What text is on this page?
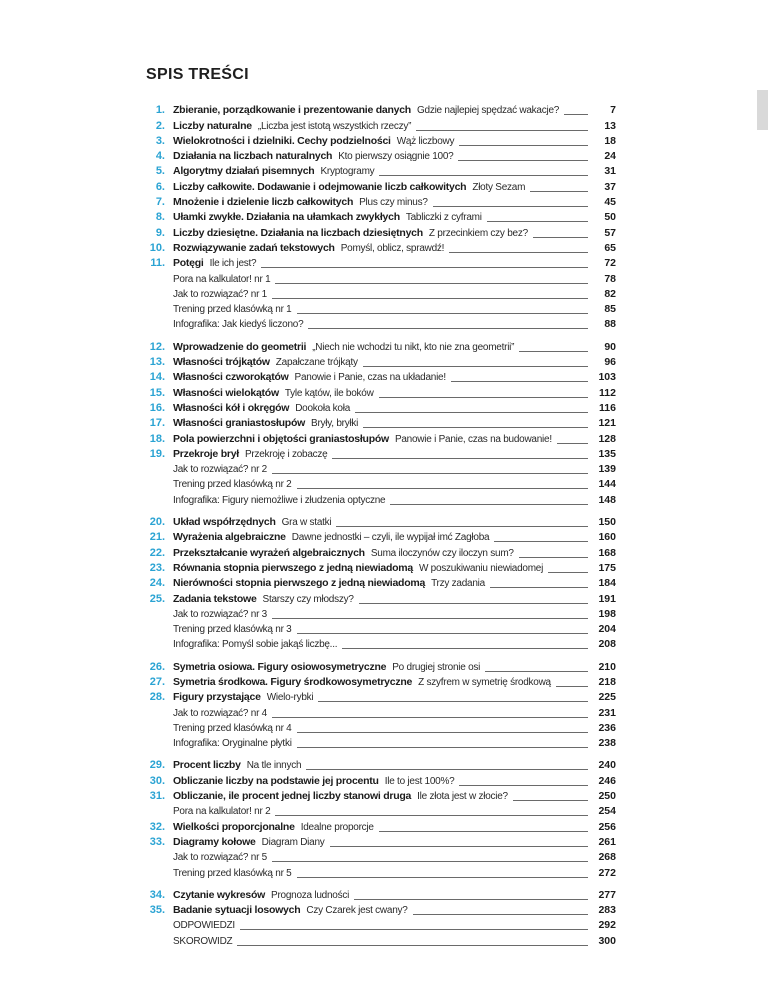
SPIS TREŚCI
1. Zbieranie, porządkowanie i prezentowanie danych Gdzie najlepiej spędzać wakacje?	7
2. Liczby naturalne „Liczba jest istotą wszystkich rzeczy”	13
3. Wielokrotności i dzielniki. Cechy podzielności Wąż liczbowy	18
4. Działania na liczbach naturalnych Kto pierwszy osiągnie 100?	24
5. Algorytmy działań pisemnych Kryptogramy	31
6. Liczby całkowite. Dodawanie i odejmowanie liczb całkowitych Złoty Sezam	37
7. Mnożenie i dzielenie liczb całkowitych Plus czy minus?	45
8. Ułamki zwykłe. Działania na ułamkach zwykłych Tabliczki z cyframi	50
9. Liczby dziesiętne. Działania na liczbach dziesiętnych Z przecinkiem czy bez?	57
10. Rozwiązywanie zadań tekstowych Pomyśl, oblicz, sprawdź!	65
11. Potęgi Ile ich jest?	72
Pora na kalkulator! nr 1	78
Jak to rozwiązać? nr 1	82
Trening przed klasówką nr 1	85
Infografika: Jak kiedyś liczono?	88
12. Wprowadzenie do geometrii „Niech nie wchodzi tu nikt, kto nie zna geometrii”	90
13. Własności trójkątów Zapałczane trójkąty	96
14. Własności czworokątów Panowie i Panie, czas na układanie!	103
15. Własności wielokątów Tyle kątów, ile boków	112
16. Własności kół i okręgów Dookoła koła	116
17. Własności graniastosłupów Bryły, bryłki	121
18. Pola powierzchni i objętości graniastosłupów Panowie i Panie, czas na budowanie!	128
19. Przekroje brył Przekroję i zobaczę	135
Jak to rozwiązać? nr 2	139
Trening przed klasówką nr 2	144
Infografika: Figury niemożliwe i złudzenia optyczne	148
20. Układ współrzędnych Gra w statki	150
21. Wyrażenia algebraiczne Dawne jednostki – czyli, ile wypijał imć Zagłoba	160
22. Przekształcanie wyrażeń algebraicznych Suma iloczynów czy iloczyn sum?	168
23. Równania stopnia pierwszego z jedną niewiadomą W poszukiwaniu niewiadomej	175
24. Nierówności stopnia pierwszego z jedną niewiadomą Trzy zadania	184
25. Zadania tekstowe Starszy czy młodszy?	191
Jak to rozwiązać? nr 3	198
Trening przed klasówką nr 3	204
Infografika: Pomyśl sobie jakąś liczbę...	208
26. Symetria osiowa. Figury osiowosymetryczne Po drugiej stronie osi	210
27. Symetria środkowa. Figury środkowosymetryczne Z szyfrem w symetrię środkową	218
28. Figury przystające Wielo-rybki	225
Jak to rozwiązać? nr 4	231
Trening przed klasówką nr 4	236
Infografika: Oryginalne płytki	238
29. Procent liczby Na tle innych	240
30. Obliczanie liczby na podstawie jej procentu Ile to jest 100%?	246
31. Obliczanie, ile procent jednej liczby stanowi druga Ile złota jest w złocie?	250
Pora na kalkulator! nr 2	254
32. Wielkości proporcjonalne Idealne proporcje	256
33. Diagramy kołowe Diagram Diany	261
Jak to rozwiązać? nr 5	268
Trening przed klasówką nr 5	272
34. Czytanie wykresów Prognoza ludności	277
35. Badanie sytuacji losowych Czy Czarek jest cwany?	283
ODPOWIEDZI	292
SKOROWIDZ	300
